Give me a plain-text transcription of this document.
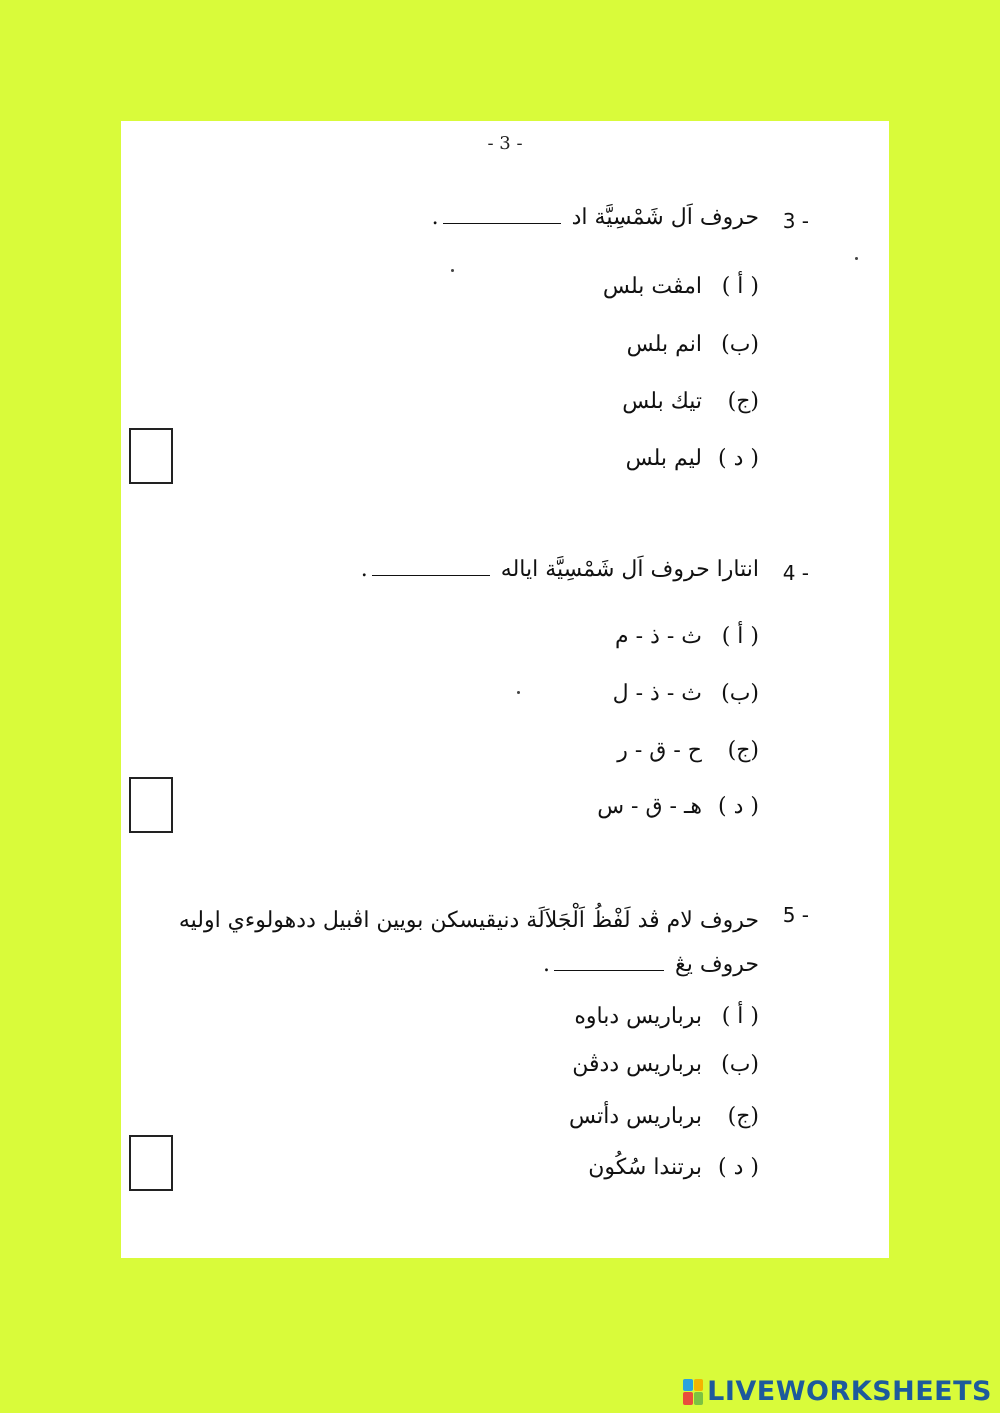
- 3 -
3 -
حروف اَل شَمْسِيَّة اد .
( أ ) امڤت بلس
(ب) انم بلس
(ج) تيك بلس
( د ) ليم بلس
4 -
انتارا حروف اَل شَمْسِيَّة اياله .
( أ ) ث - ذ - م
(ب) ث - ذ - ل
(ج) ح - ق - ر
( د ) هـ - ق - س
5 -
حروف لام ڤد لَفْظُ اَلْجَلاَلَة دنيقيسكن بويين اڤبيل ددهولوءي اوليه حروف يڠ .
( أ ) برباريس دباوه
(ب) برباريس ددڤن
(ج) برباريس دأتس
( د ) برتندا سُكُون
LIVEWORKSHEETS
